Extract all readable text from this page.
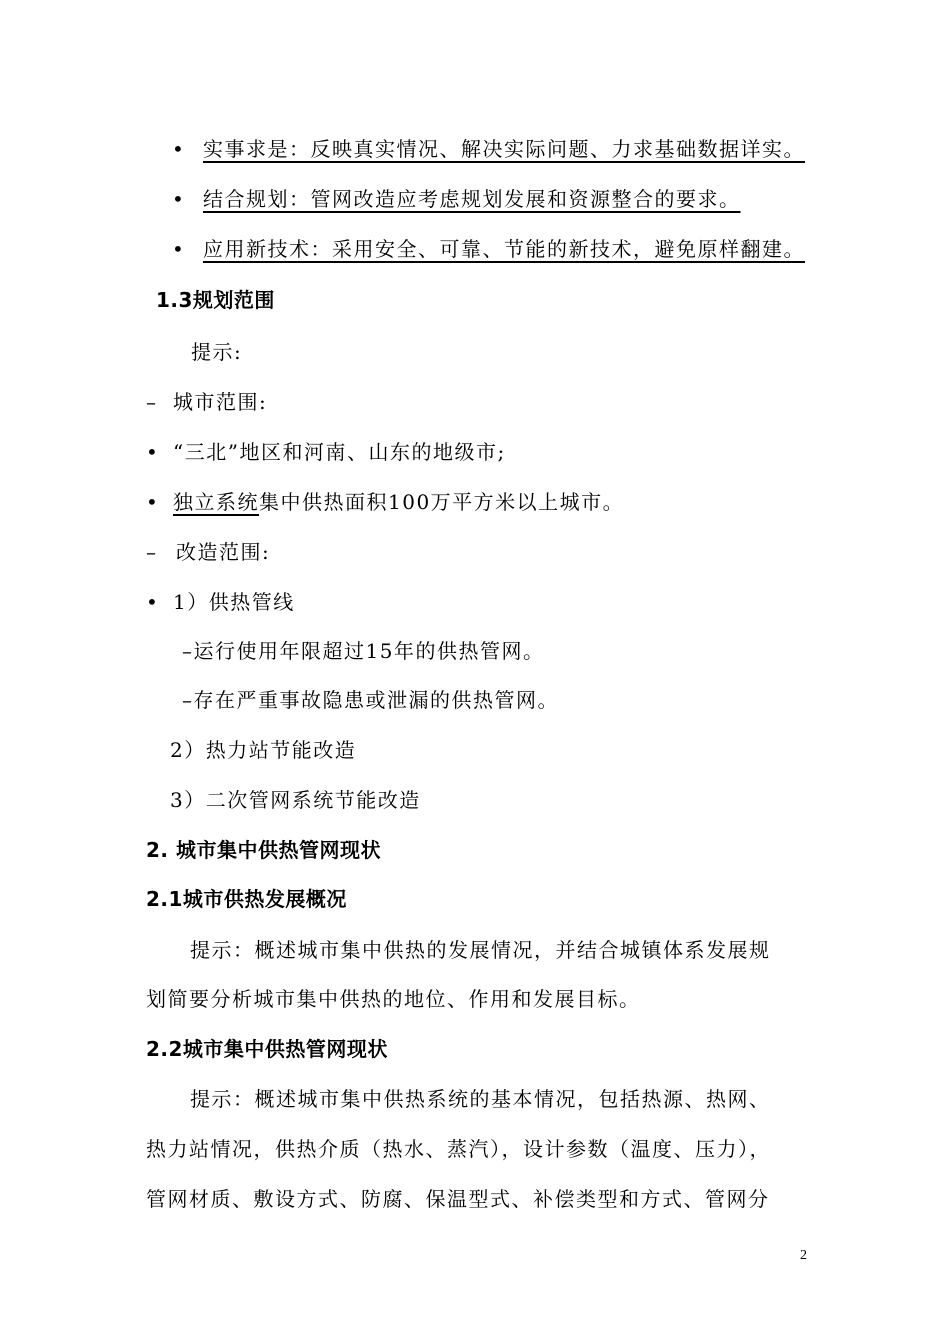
• 实事求是：反映真实情况、解决实际问题、力求基础数据详实。
• 结合规划：管网改造应考虑规划发展和资源整合的要求。
• 应用新技术：采用安全、可靠、节能的新技术，避免原样翻建。
1.3规划范围
提示:
– 城市范围:
• “三北”地区和河南、山东的地级市;
• 独立系统集中供热面积100万平方米以上城市。
– 改造范围:
• 1）供热管线
–运行使用年限超过15年的供热管网。
–存在严重事故隐患或泄漏的供热管网。
2）热力站节能改造
3）二次管网系统节能改造
2. 城市集中供热管网现状
2.1城市供热发展概况
提示：概述城市集中供热的发展情况，并结合城镇体系发展规
划简要分析城市集中供热的地位、作用和发展目标。
2.2城市集中供热管网现状
提示：概述城市集中供热系统的基本情况，包括热源、热网、
热力站情况，供热介质（热水、蒸汽），设计参数（温度、压力），
管网材质、敷设方式、防腐、保温型式、补偿类型和方式、管网分
2
